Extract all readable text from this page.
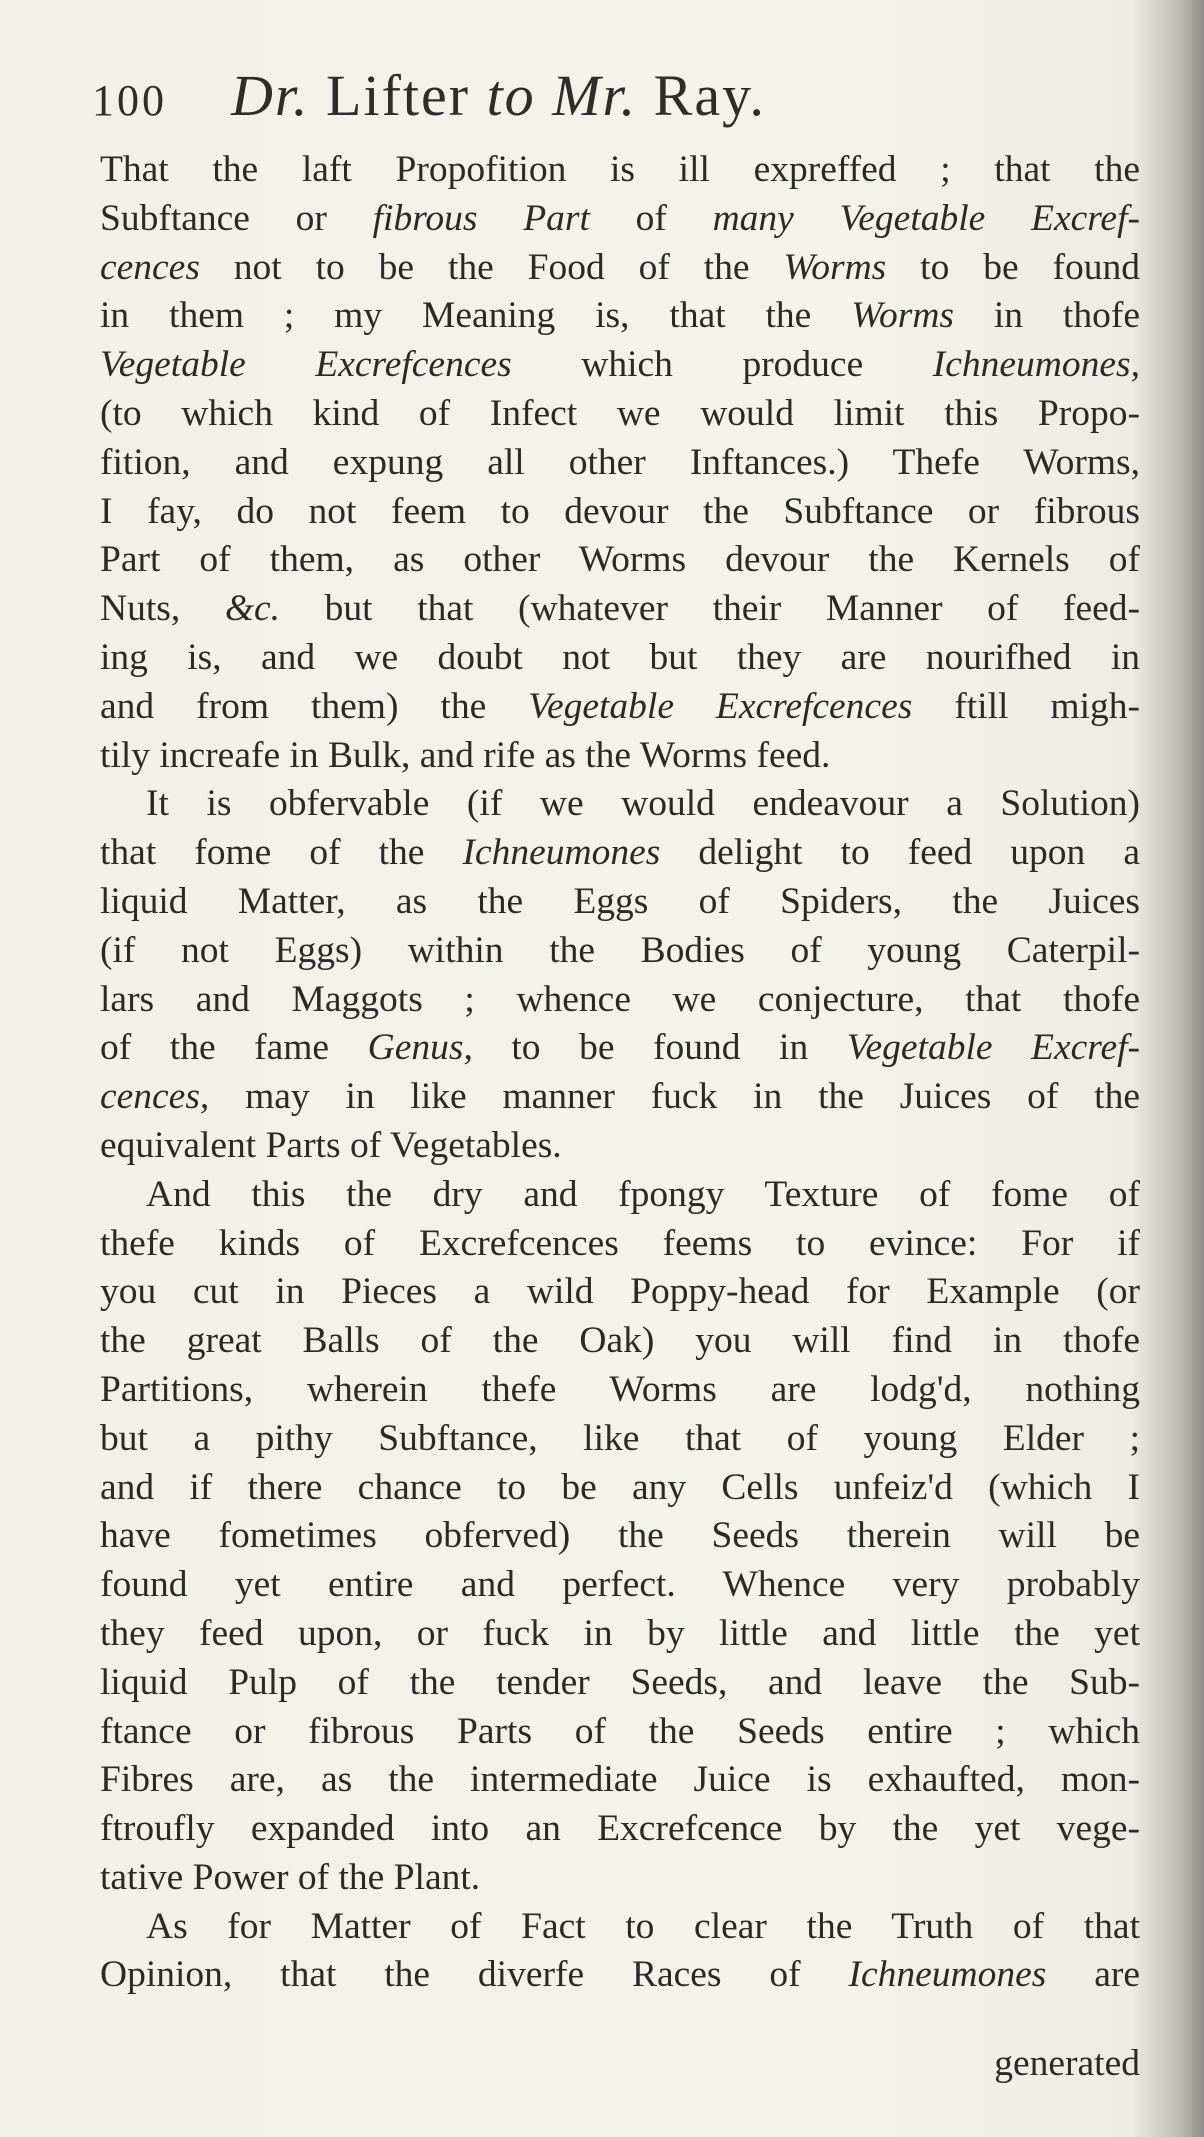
100 Dr. Lifter to Mr. Ray.
That the laft Propofition is ill expreffed ; that the
Subftance or fibrous Part of many Vegetable Excref-
cences not to be the Food of the Worms to be found
in them ; my Meaning is, that the Worms in thofe
Vegetable Excrefcences which produce Ichneumones,
(to which kind of Infect we would limit this Propo-
fition, and expung all other Inftances.) Thefe Worms,
I fay, do not feem to devour the Subftance or fibrous
Part of them, as other Worms devour the Kernels of
Nuts, &c. but that (whatever their Manner of feed-
ing is, and we doubt not but they are nourifhed in
and from them) the Vegetable Excrefcences ftill migh-
tily increafe in Bulk, and rife as the Worms feed.
It is obfervable (if we would endeavour a Solution)
that fome of the Ichneumones delight to feed upon a
liquid Matter, as the Eggs of Spiders, the Juices
(if not Eggs) within the Bodies of young Caterpil-
lars and Maggots ; whence we conjecture, that thofe
of the fame Genus, to be found in Vegetable Excref-
cences, may in like manner fuck in the Juices of the
equivalent Parts of Vegetables.
And this the dry and fpongy Texture of fome of
thefe kinds of Excrefcences feems to evince: For if
you cut in Pieces a wild Poppy-head for Example (or
the great Balls of the Oak) you will find in thofe
Partitions, wherein thefe Worms are lodg'd, nothing
but a pithy Subftance, like that of young Elder ;
and if there chance to be any Cells unfeiz'd (which I
have fometimes obferved) the Seeds therein will be
found yet entire and perfect. Whence very probably
they feed upon, or fuck in by little and little the yet
liquid Pulp of the tender Seeds, and leave the Sub-
ftance or fibrous Parts of the Seeds entire ; which
Fibres are, as the intermediate Juice is exhaufted, mon-
ftroufly expanded into an Excrefcence by the yet vege-
tative Power of the Plant.
As for Matter of Fact to clear the Truth of that
Opinion, that the diverfe Races of Ichneumones are
generated
